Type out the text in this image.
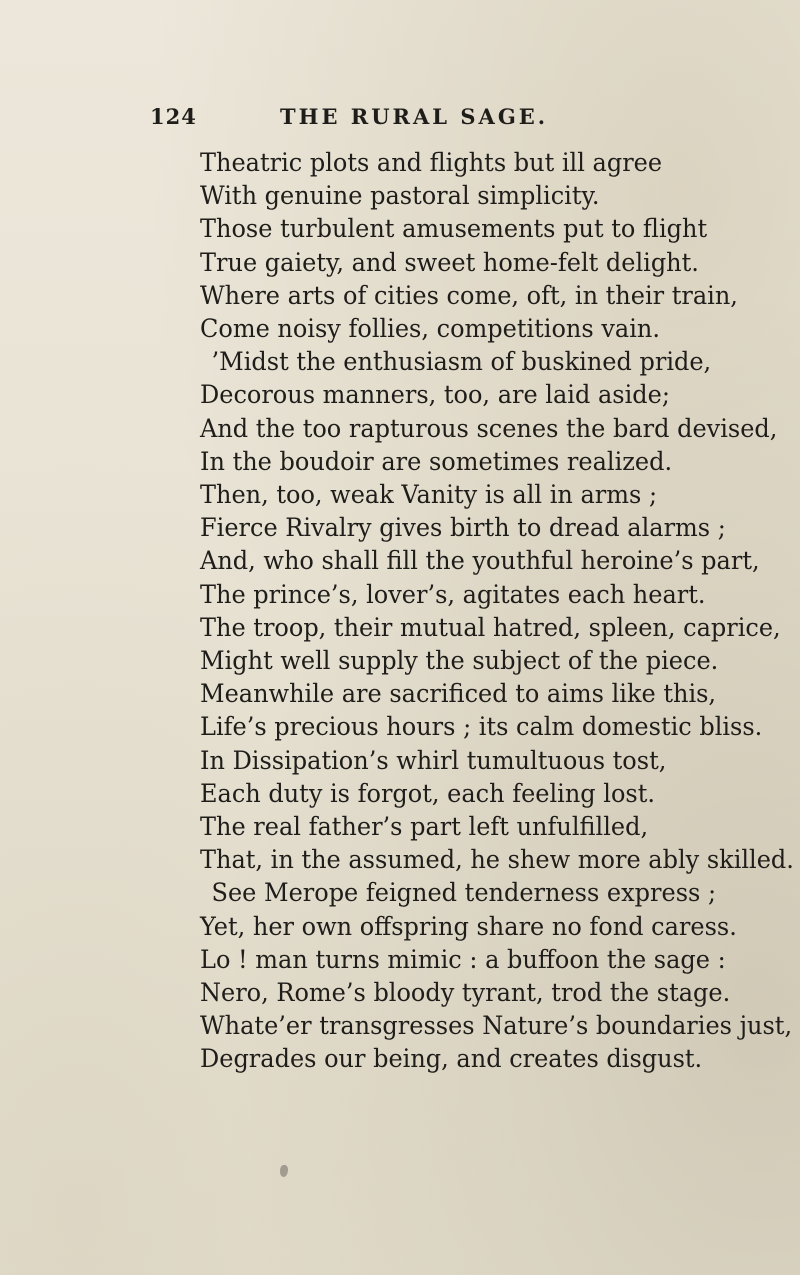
124	THE RURAL SAGE.
Theatric plots and flights but ill agree
With genuine pastoral simplicity.
Those turbulent amusements put to flight
True gaiety, and sweet home-felt delight.
Where arts of cities come, oft, in their train,
Come noisy follies, competitions vain.
’Midst the enthusiasm of buskined pride,
Decorous manners, too, are laid aside;
And the too rapturous scenes the bard devised,
In the boudoir are sometimes realized.
Then, too, weak Vanity is all in arms ;
Fierce Rivalry gives birth to dread alarms ;
And, who shall fill the youthful heroine’s part,
The prince’s, lover’s, agitates each heart.
The troop, their mutual hatred, spleen, caprice,
Might well supply the subject of the piece.
Meanwhile are sacrificed to aims like this,
Life’s precious hours ; its calm domestic bliss.
In Dissipation’s whirl tumultuous tost,
Each duty is forgot, each feeling lost.
The real father’s part left unfulfilled,
That, in the assumed, he shew more ably skilled.
See Merope feigned tenderness express ;
Yet, her own offspring share no fond caress.
Lo ! man turns mimic : a buffoon the sage :
Nero, Rome’s bloody tyrant, trod the stage.
Whate’er transgresses Nature’s boundaries just,
Degrades our being, and creates disgust.
